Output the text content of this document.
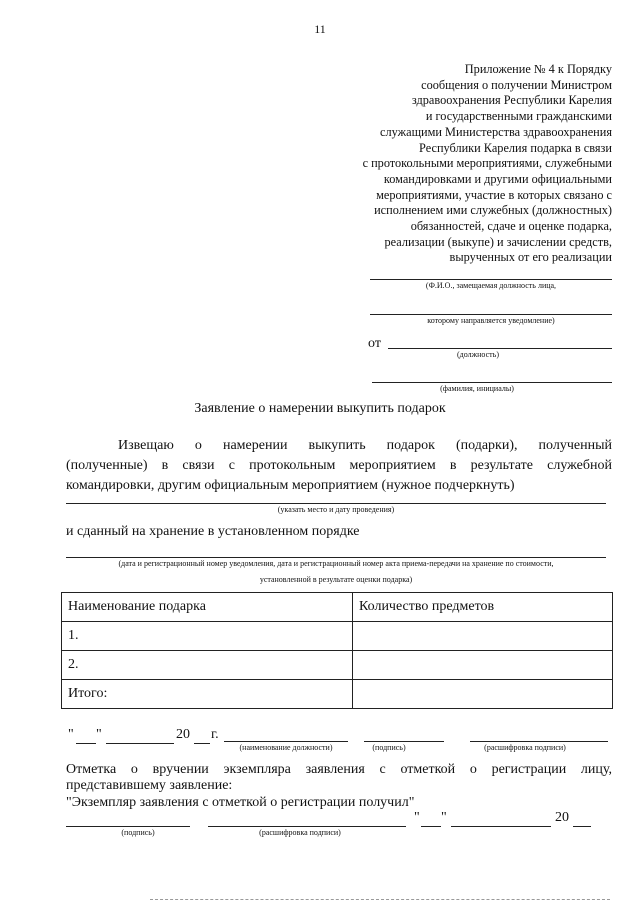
11
Приложение № 4 к Порядку
сообщения о получении Министром
здравоохранения Республики Карелия
и государственными гражданскими
служащими Министерства здравоохранения
Республики Карелия подарка в связи
с протокольными мероприятиями, служебными
командировками и другими официальными
мероприятиями, участие в которых связано с
исполнением ими служебных (должностных)
обязанностей, сдаче и оценке подарка,
реализации (выкупе) и зачислении средств,
вырученных от его реализации
(Ф.И.О., замещаемая должность лица,
которому направляется уведомление)
от
(должность)
(фамилия, инициалы)
Заявление о намерении выкупить подарок
Извещаю о намерении выкупить подарок (подарки), полученный
(полученные) в связи с протокольным мероприятием в результате служебной
командировки, другим официальным мероприятием (нужное подчеркнуть)
(указать место и дату проведения)
и сданный на хранение в установленном порядке
(дата и регистрационный номер уведомления, дата и регистрационный номер акта приема-передачи на хранение по стоимости,
установленной в результате оценки подарка)
Наименование подарка	Количество предметов
1.	
2.	
Итого:	
" "	20 г.
(наименование должности)	(подпись)	(расшифровка подписи)
Отметка о вручении экземпляра заявления с отметкой о регистрации лицу,
представившему заявление:
"Экземпляр заявления с отметкой о регистрации получил"
(подпись)	(расшифровка подписи)
" "	20
